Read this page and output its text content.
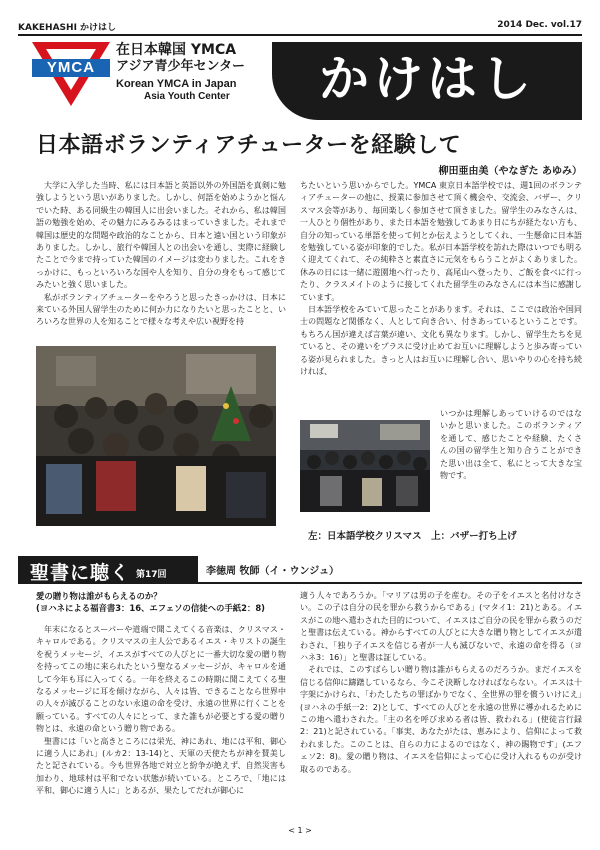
KAKEHASHI かけはし	2014 Dec. vol.17
YMCA
在日本韓国 YMCA
アジア青少年センター
Korean YMCA in Japan
Asia Youth Center	かけはし
日本語ボランティアチューターを経験して
柳田亜由美（やなぎた あゆみ）

大学に入学した当時、私には日本語と英語以外の外国語を真剣に勉強しようという思いがありました。しかし、何語を始めようかと悩んでいた時、ある同級生の韓国人に出会いました。それから、私は韓国語の勉強を始め、その魅力にみるみるはまっていきました。それまで韓国は歴史的な問題や政治的なことから、日本と遠い国という印象がありました。しかし、旅行や韓国人との出会いを通し、実際に経験したことで今まで持っていた韓国のイメージは変わりました。これをきっかけに、もっといろいろな国や人を知り、自分の身をもって感じてみたいと強く思いました。

私がボランティアチューターをやろうと思ったきっかけは、日本に来ている外国人留学生のために何か力になりたいと思ったことと、いろいろな世界の人を知ることで様々な考えや広い視野を持

ちたいという思いからでした。YMCA 東京日本語学校では、週1回のボランティアチューターの他に、授業に参加させて頂く機会や、交流会、バザー、クリスマス会等があり、毎回楽しく参加させて頂きました。留学生のみなさんは、一人ひとり個性があり、また日本語を勉強してあまり日にちが経たない方も、自分の知っている単語を使って何とか伝えようとしてくれ、一生懸命に日本語を勉強している姿が印象的でした。私が日本語学校を訪れた際はいつでも明るく迎えてくれて、その純粋さと素直さに元気をもらうことがよくありました。休みの日には一緒に遊園地へ行ったり、高尾山へ登ったり、ご飯を食べに行ったり、クラスメイトのように接してくれた留学生のみなさんには本当に感謝しています。

日本語学校をみていて思ったことがあります。それは、ここでは政治や国同士の問題など関係なく、人として向き合い、付きあっているということです。もちろん国が違えば言葉が違い、文化も異なります。しかし、留学生たちを見ていると、その違いをプラスに受け止めてお互いに理解しようと歩み寄っている姿が見られました。きっと人はお互いに理解し合い、思いやりの心を持ち続ければ、

いつかは理解しあっていけるのではないかと思いました。このボランティアを通して、感じたことや経験、たくさんの国の留学生と知り合うことができた思い出は全て、私にとって大きな宝物です。

左：日本語学校クリスマス　上：バザー打ち上げ
聖書に聴く 第17回	李徳周 牧師（イ・ウンジュ）
愛の贈り物は誰がもらえるのか？
(ヨハネによる福音書3：16、エフェソの信徒への手紙2：8)

年末になるとスーパーや道端で聞こえてくる音楽は、クリスマス・キャロルである。クリスマスの主人公であるイエス・キリストの誕生を祝うメッセージ、イエスがすべての人びとに一番大切な愛の贈り物を持ってこの地に来られたという聖なるメッセージが、キャロルを通して今年も耳に入ってくる。一年を終えるこの時期に聞こえてくる聖なるメッセージに耳を傾けながら、人々は皆、できることなら世界中の人々が滅びることのない永遠の命を受け、永遠の世界に行くことを願っている。すべての人々にとって、また誰もが必要とする愛の贈り物とは、永遠の命という贈り物である。

聖書には「いと高きところには栄光、神にあれ、地には平和、御心に適う人にあれ」(ルカ2：13-14)と、天軍の天使たちが神を賛美したと記されている。今も世界各地で対立と紛争が絶えず、自然災害も加わり、地球村は平和でない状態が続いている。ところで、「地には平和、御心に適う人に」とあるが、果たしてだれが御心に

適う人々であろうか。「マリアは男の子を産む。その子をイエスと名付けなさい。この子は自分の民を罪から救うからである」(マタイ1：21)とある。イエスがこの地へ遣わされた目的について、イエスはご自分の民を罪から救うのだと聖書は伝えている。神からすべての人びとに大きな贈り物としてイエスが遣わされ、「独り子イエスを信じる者が一人も滅びないで、永遠の命を得る（ヨハネ3：16）」と聖書は証している。

それでは、このすばらしい贈り物は誰がもらえるのだろうか。まだイエスを信じる信仰に躊躇しているなら、今こそ決断しなければならない。イエスは十字架にかけられ、「わたしたちの罪ばかりでなく、全世界の罪を償ういけにえ」(ヨハネの手紙一2：2)として、すべての人びとを永遠の世界に導かれるためにこの地へ遣わされた。「主の名を呼び求める者は皆、救われる」(使徒言行録2：21)と記されている。「事実、あなたがたは、恵みにより、信仰によって救われました。このことは、自らの力によるのではなく、神の賜物です」(エフェソ2：8)。愛の贈り物は、イエスを信仰によって心に受け入れるものが受け取るのである。

< 1 >
